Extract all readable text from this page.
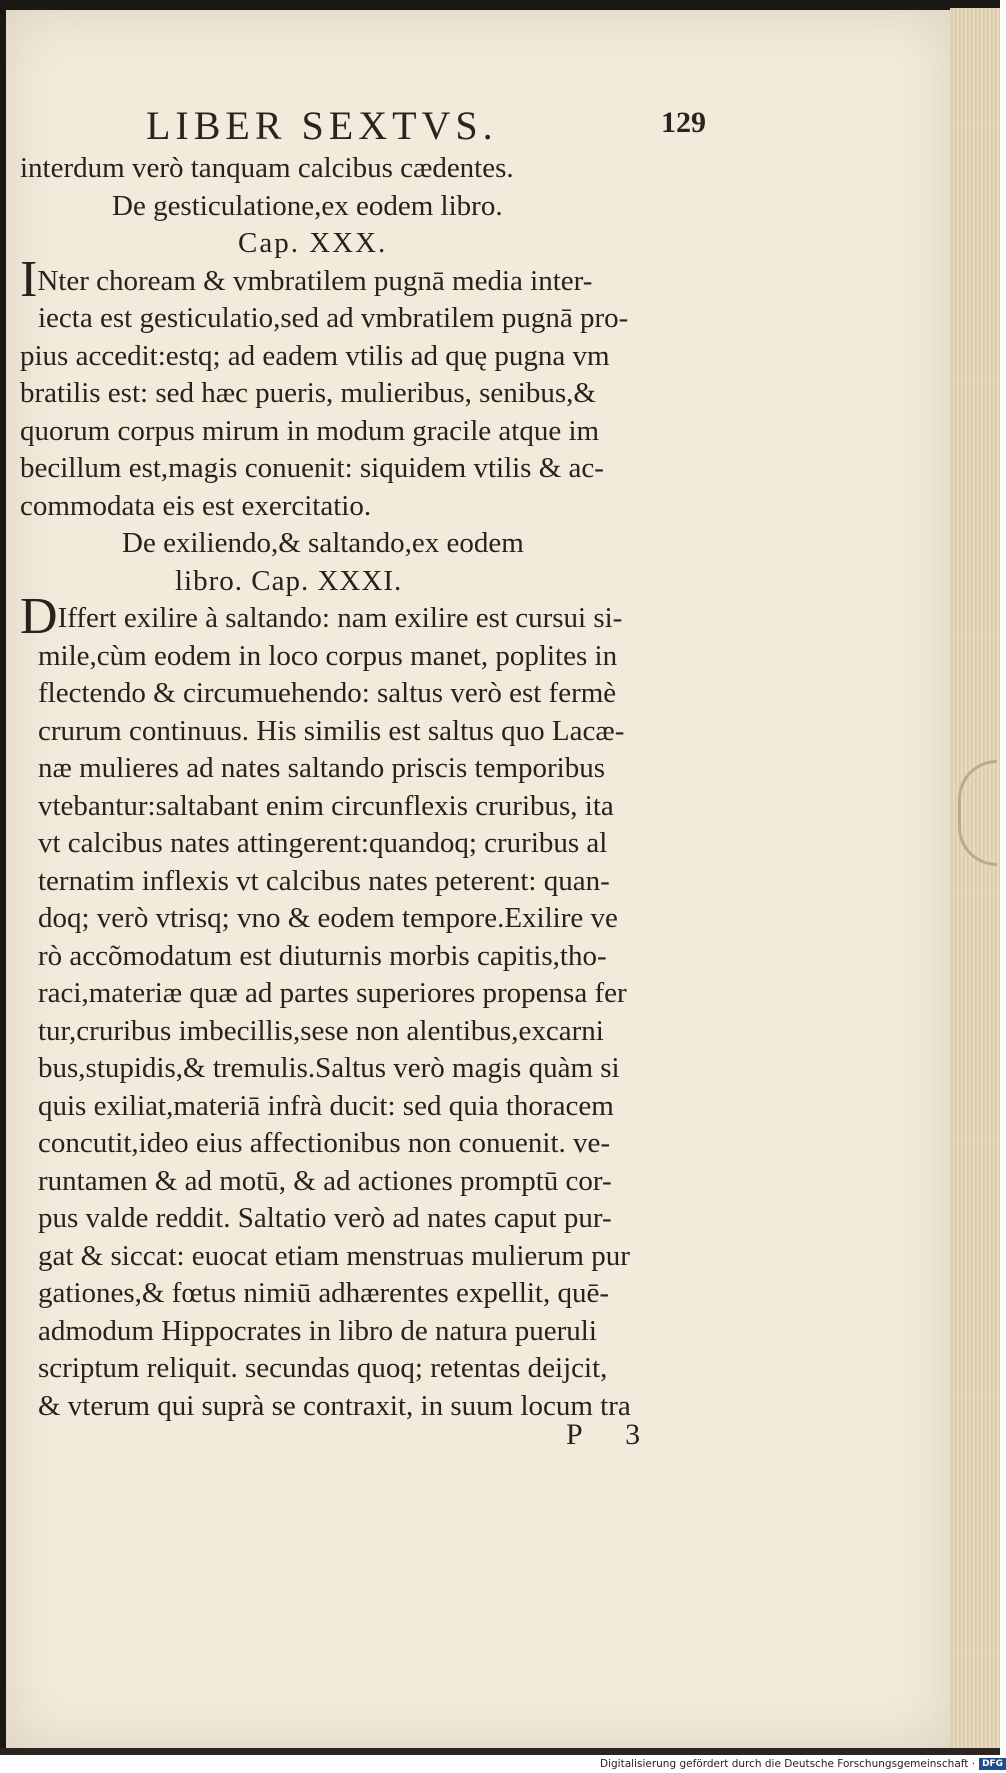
LIBER SEXTVS.	129
interdum verò tanquam calcibus cædentes.
De gesticulatione,ex eodem libro.
Cap. XXX.
INter choream & vmbratilem pugnā media inter-
iecta est gesticulatio,sed ad vmbratilem pugnā pro-
pius accedit:estq; ad eadem vtilis ad quę pugna vm
bratilis est: sed hæc pueris, mulieribus, senibus,&
quorum corpus mirum in modum gracile atque im
becillum est,magis conuenit: siquidem vtilis & ac-
commodata eis est exercitatio.
De exiliendo,& saltando,ex eodem
libro. Cap. XXXI.
DIffert exilire à saltando: nam exilire est cursui si-
mile,cùm eodem in loco corpus manet, poplites in
flectendo & circumuehendo: saltus verò est fermè
crurum continuus. His similis est saltus quo Lacæ-
næ mulieres ad nates saltando priscis temporibus
vtebantur:saltabant enim circunflexis cruribus, ita
vt calcibus nates attingerent:quandoq; cruribus al
ternatim inflexis vt calcibus nates peterent: quan-
doq; verò vtrisq; vno & eodem tempore.Exilire ve
rò accõmodatum est diuturnis morbis capitis,tho-
raci,materiæ quæ ad partes superiores propensa fer
tur,cruribus imbecillis,sese non alentibus,excarni
bus,stupidis,& tremulis.Saltus verò magis quàm si
quis exiliat,materiā infrà ducit: sed quia thoracem
concutit,ideo eius affectionibus non conuenit. ve-
runtamen & ad motū, & ad actiones promptū cor-
pus valde reddit. Saltatio verò ad nates caput pur-
gat & siccat: euocat etiam menstruas mulierum pur
gationes,& fœtus nimiū adhærentes expellit, quē-
admodum Hippocrates in libro de natura pueruli
scriptum reliquit. secundas quoq; retentas deijcit,
& vterum qui suprà se contraxit, in suum locum tra
P 3
Digitalisierung gefördert durch die Deutsche Forschungsgemeinschaft · DFG
